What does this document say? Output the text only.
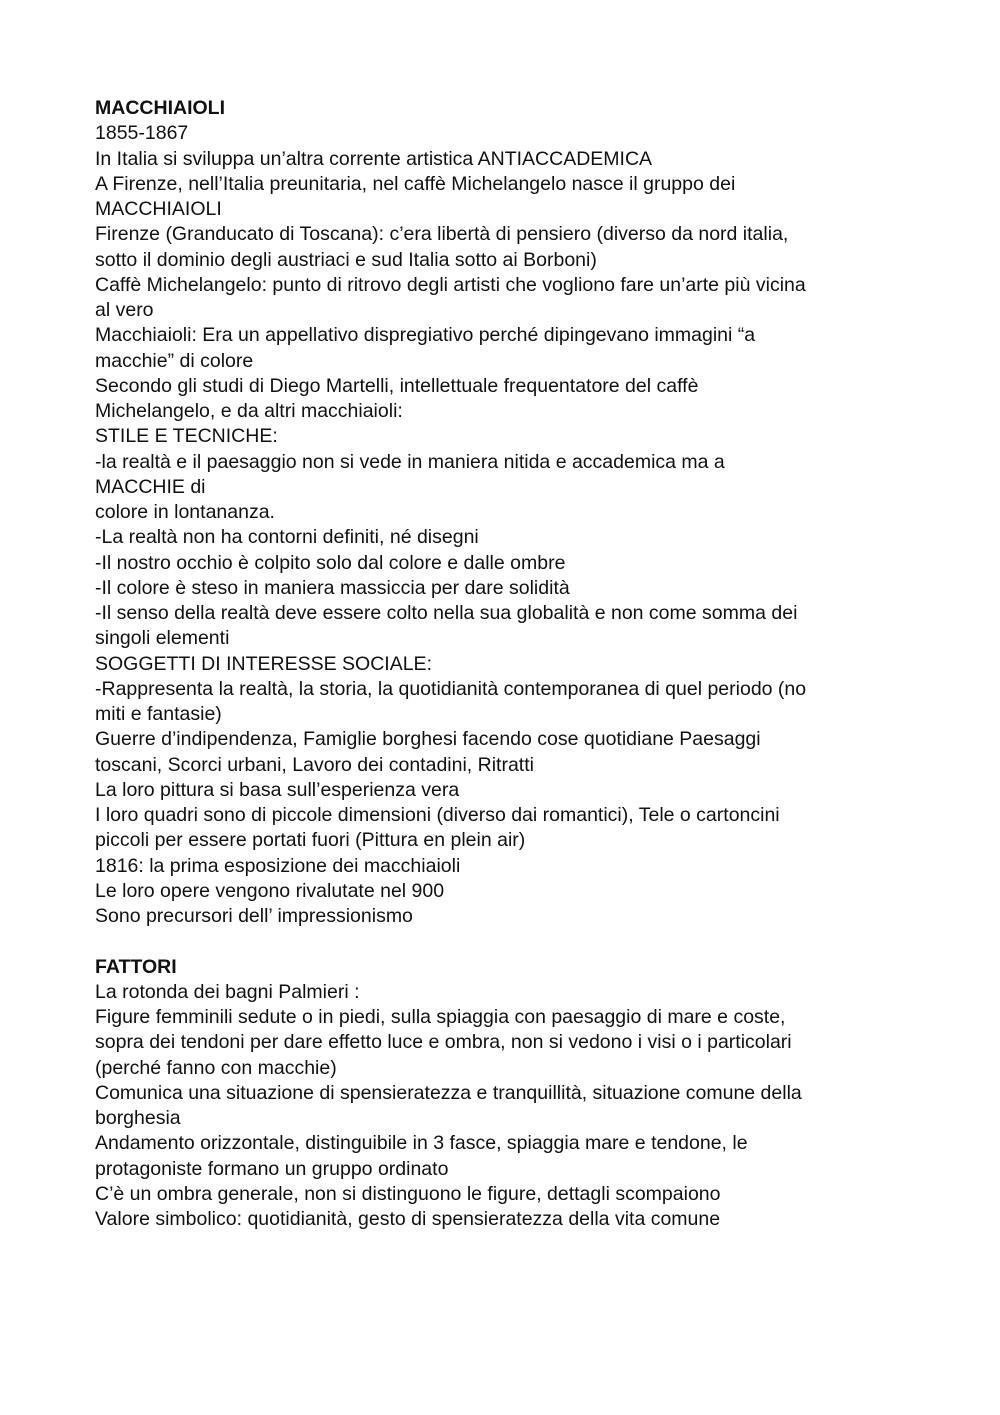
MACCHIAIOLI
1855-1867
In Italia si sviluppa un’altra corrente artistica ANTIACCADEMICA
A Firenze, nell’Italia preunitaria, nel caffè Michelangelo nasce il gruppo dei
MACCHIAIOLI
Firenze (Granducato di Toscana): c’era libertà di pensiero (diverso da nord italia,
sotto il dominio degli austriaci e sud Italia sotto ai Borboni)
Caffè Michelangelo: punto di ritrovo degli artisti che vogliono fare un’arte più vicina
al vero
Macchiaioli: Era un appellativo dispregiativo perché dipingevano immagini “a
macchie” di colore
Secondo gli studi di Diego Martelli, intellettuale frequentatore del caffè
Michelangelo, e da altri macchiaioli:
STILE E TECNICHE:
-la realtà e il paesaggio non si vede in maniera nitida e accademica ma a
MACCHIE di
colore in lontananza.
-La realtà non ha contorni definiti, né disegni
-Il nostro occhio è colpito solo dal colore e dalle ombre
-Il colore è steso in maniera massiccia per dare solidità
-Il senso della realtà deve essere colto nella sua globalità e non come somma dei
singoli elementi
SOGGETTI DI INTERESSE SOCIALE:
-Rappresenta la realtà, la storia, la quotidianità contemporanea di quel periodo (no
miti e fantasie)
Guerre d’indipendenza, Famiglie borghesi facendo cose quotidiane Paesaggi
toscani, Scorci urbani, Lavoro dei contadini, Ritratti
La loro pittura si basa sull’esperienza vera
I loro quadri sono di piccole dimensioni (diverso dai romantici), Tele o cartoncini
piccoli per essere portati fuori (Pittura en plein air)
1816: la prima esposizione dei macchiaioli
Le loro opere vengono rivalutate nel 900
Sono precursori dell’ impressionismo
FATTORI
La rotonda dei bagni Palmieri :
Figure femminili sedute o in piedi, sulla spiaggia con paesaggio di mare e coste,
sopra dei tendoni per dare effetto luce e ombra, non si vedono i visi o i particolari
(perché fanno con macchie)
Comunica una situazione di spensieratezza e tranquillità, situazione comune della
borghesia
Andamento orizzontale, distinguibile in 3 fasce, spiaggia mare e tendone, le
protagoniste formano un gruppo ordinato
C’è un ombra generale, non si distinguono le figure, dettagli scompaiono
Valore simbolico: quotidianità, gesto di spensieratezza della vita comune
